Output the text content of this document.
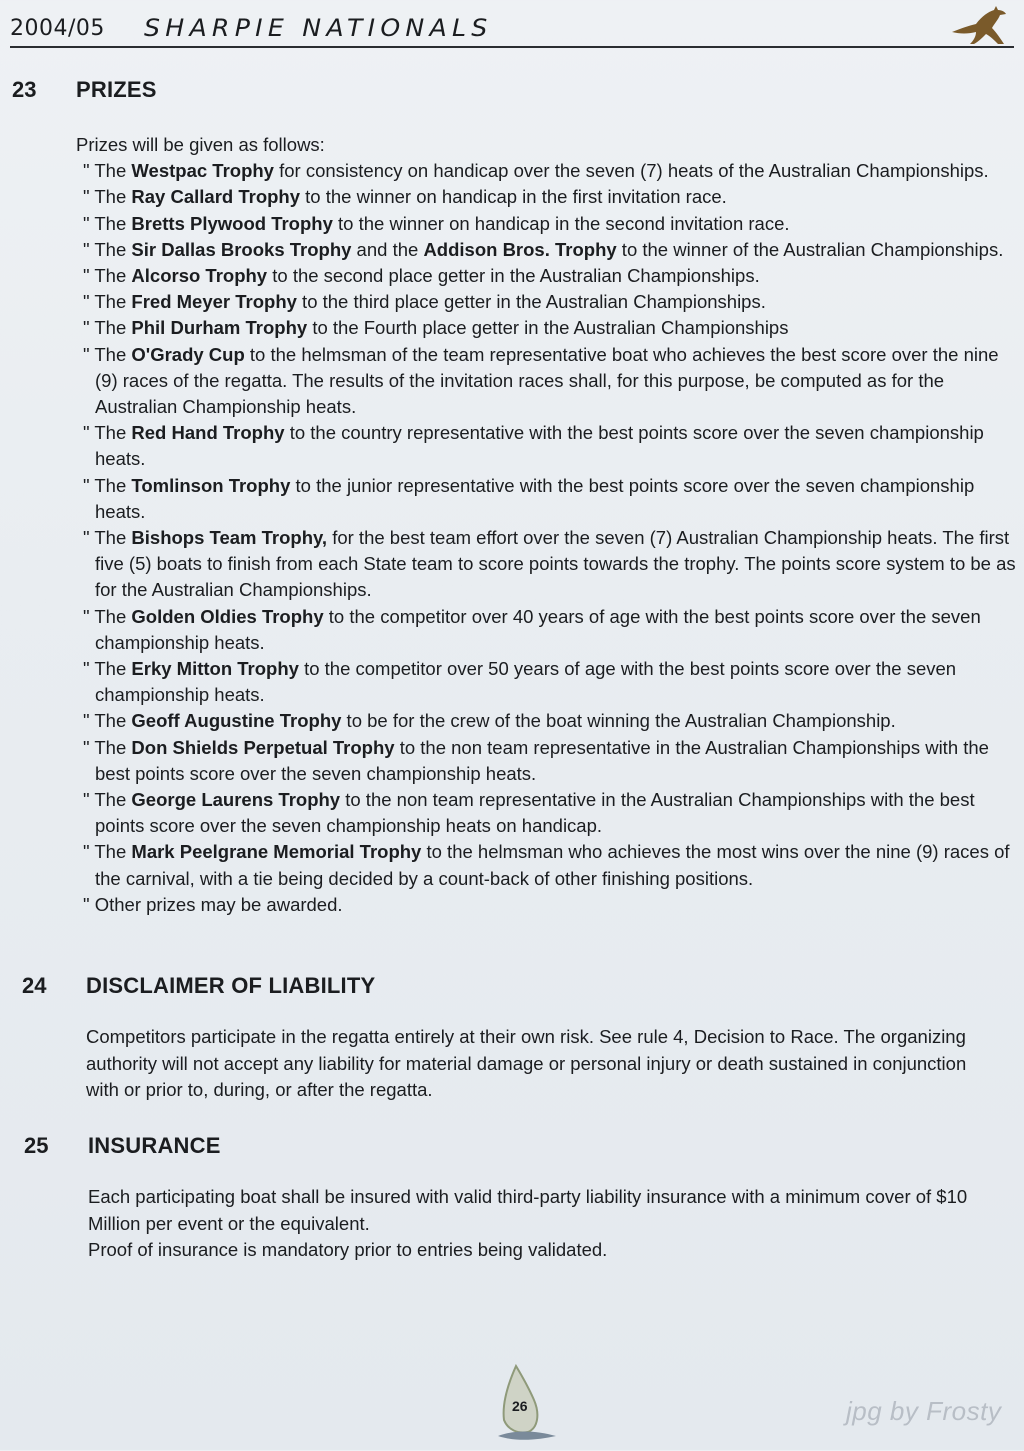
2004/05 SHARPIE NATIONALS
23 PRIZES

Prizes will be given as follows:

" The Westpac Trophy for consistency on handicap over the seven (7) heats of the Australian Championships.
" The Ray Callard Trophy to the winner on handicap in the first invitation race.
" The Bretts Plywood Trophy to the winner on handicap in the second invitation race.
" The Sir Dallas Brooks Trophy and the Addison Bros. Trophy to the winner of the Australian Championships.
" The Alcorso Trophy to the second place getter in the Australian Championships.
" The Fred Meyer Trophy to the third place getter in the Australian Championships.
" The Phil Durham Trophy to the Fourth place getter in the Australian Championships
" The O'Grady Cup to the helmsman of the team representative boat who achieves the best score over the nine (9) races of the regatta. The results of the invitation races shall, for this purpose, be computed as for the Australian Championship heats.
" The Red Hand Trophy to the country representative with the best points score over the seven championship heats.
" The Tomlinson Trophy to the junior representative with the best points score over the seven championship heats.
" The Bishops Team Trophy, for the best team effort over the seven (7) Australian Championship heats. The first five (5) boats to finish from each State team to score points towards the trophy. The points score system to be as for the Australian Championships.
" The Golden Oldies Trophy to the competitor over 40 years of age with the best points score over the seven championship heats.
" The Erky Mitton Trophy to the competitor over 50 years of age with the best points score over the seven championship heats.
" The Geoff Augustine Trophy to be for the crew of the boat winning the Australian Championship.
" The Don Shields Perpetual Trophy to the non team representative in the Australian Championships with the best points score over the seven championship heats.
" The George Laurens Trophy to the non team representative in the Australian Championships with the best points score over the seven championship heats on handicap.
" The Mark Peelgrane Memorial Trophy to the helmsman who achieves the most wins over the nine (9) races of the carnival, with a tie being decided by a count-back of other finishing positions.
" Other prizes may be awarded.
24 DISCLAIMER OF LIABILITY

Competitors participate in the regatta entirely at their own risk. See rule 4, Decision to Race. The organizing authority will not accept any liability for material damage or personal injury or death sustained in conjunction with or prior to, during, or after the regatta.

25 INSURANCE

Each participating boat shall be insured with valid third-party liability insurance with a minimum cover of $10 Million per event or the equivalent.

Proof of insurance is mandatory prior to entries being validated.

26	jpg by Frosty
